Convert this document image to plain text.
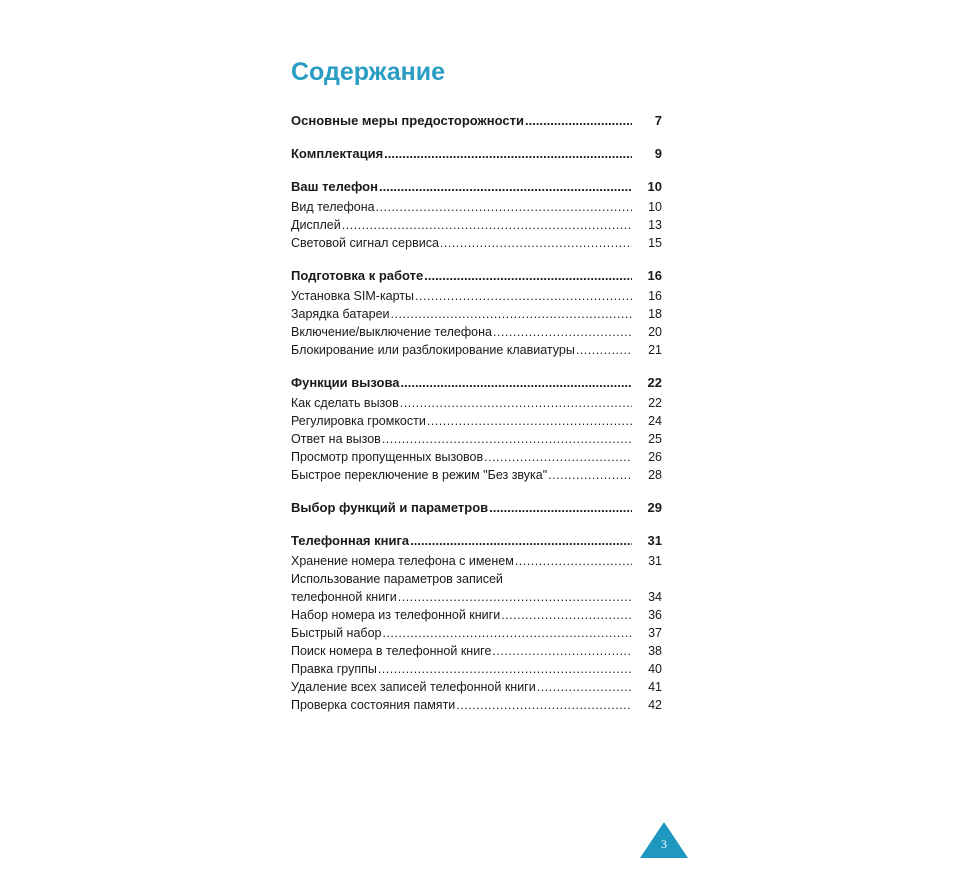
Содержание
Основные меры предосторожности .....	7
Комплектация .....	9
Ваш телефон .....	10
Вид телефона .....	10
Дисплей .....	13
Световой сигнал сервиса .....	15
Подготовка к работе .....	16
Установка SIM-карты .....	16
Зарядка батареи .....	18
Включение/выключение телефона .....	20
Блокирование или разблокирование клавиатуры .....	21
Функции вызова .....	22
Как сделать вызов .....	22
Регулировка громкости .....	24
Ответ на вызов .....	25
Просмотр пропущенных вызовов .....	26
Быстрое переключение в режим "Без звука" .....	28
Выбор функций и параметров .....	29
Телефонная книга .....	31
Хранение номера телефона с именем .....	31
Использование параметров записей
телефонной книги .....	34
Набор номера из телефонной книги .....	36
Быстрый набор .....	37
Поиск номера в телефонной книге .....	38
Правка группы .....	40
Удаление всех записей телефонной книги .....	41
Проверка состояния памяти .....	42
3
